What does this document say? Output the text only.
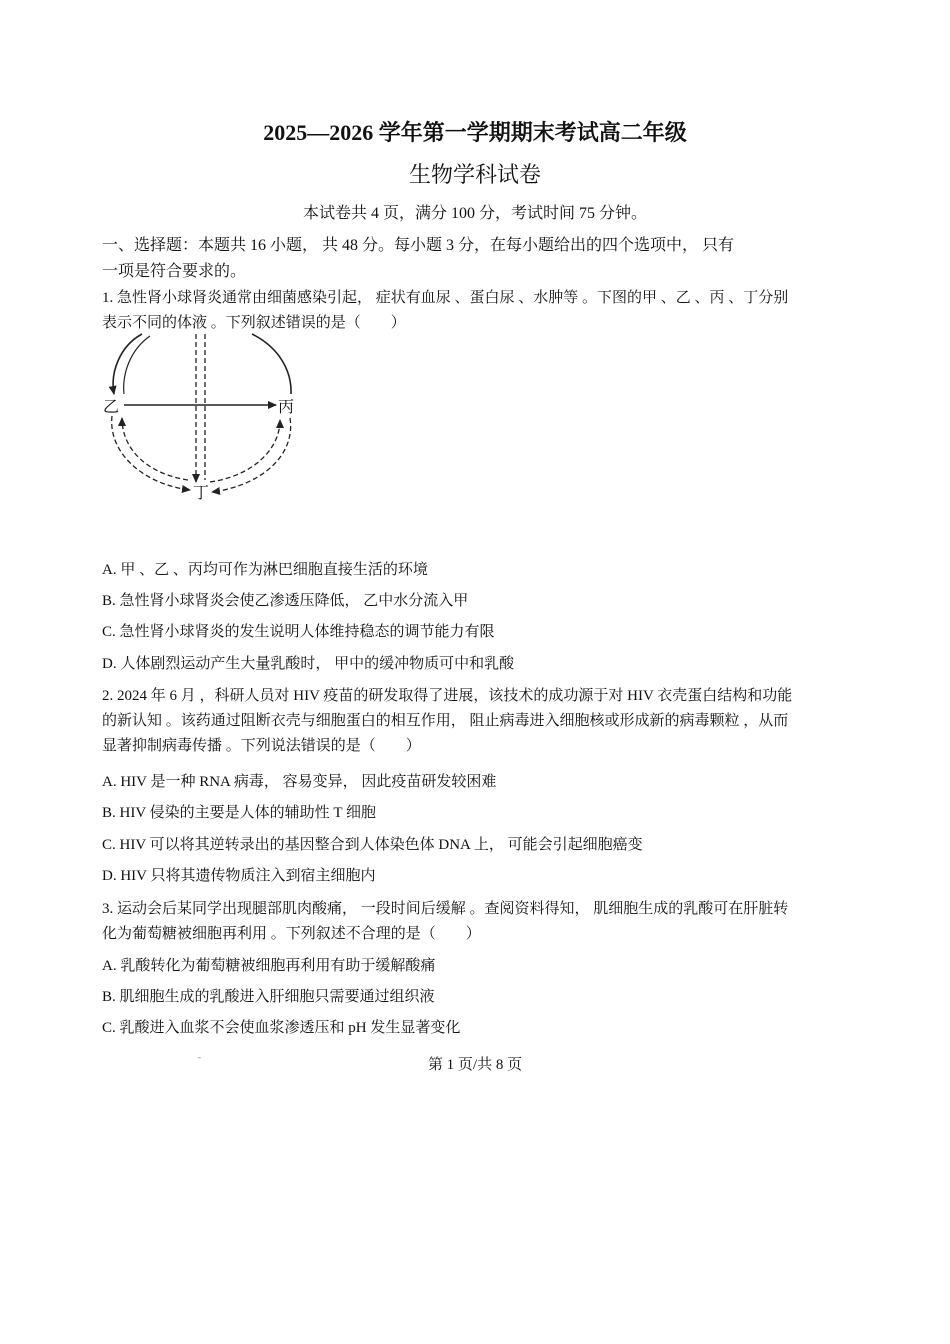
2025—2026 学年第一学期期末考试高二年级
生物学科试卷
本试卷共 4 页，满分 100 分，考试时间 75 分钟。
一、选择题：本题共 16 小题， 共 48 分。每小题 3 分，在每小题给出的四个选项中， 只有
一项是符合要求的。
1. 急性肾小球肾炎通常由细菌感染引起， 症状有血尿 、蛋白尿 、水肿等 。下图的甲 、乙 、丙 、丁分别
表示不同的体液 。下列叙述错误的是（　　）
乙	丙
丁
A. 甲 、乙 、丙均可作为淋巴细胞直接生活的环境
B. 急性肾小球肾炎会使乙渗透压降低， 乙中水分流入甲
C. 急性肾小球肾炎的发生说明人体维持稳态的调节能力有限
D. 人体剧烈运动产生大量乳酸时， 甲中的缓冲物质可中和乳酸
2. 2024 年 6 月 ，科研人员对 HIV 疫苗的研发取得了进展，该技术的成功源于对 HIV 衣壳蛋白结构和功能
的新认知 。该药通过阻断衣壳与细胞蛋白的相互作用， 阻止病毒进入细胞核或形成新的病毒颗粒 ，从而
显著抑制病毒传播 。下列说法错误的是（　　）
A. HIV 是一种 RNA 病毒， 容易变异， 因此疫苗研发较困难
B. HIV 侵染的主要是人体的辅助性 T 细胞
C. HIV 可以将其逆转录出的基因整合到人体染色体 DNA 上， 可能会引起细胞癌变
D. HIV 只将其遗传物质注入到宿主细胞内
3. 运动会后某同学出现腿部肌肉酸痛， 一段时间后缓解 。查阅资料得知， 肌细胞生成的乳酸可在肝脏转
化为葡萄糖被细胞再利用 。下列叙述不合理的是（　　）
A. 乳酸转化为葡萄糖被细胞再利用有助于缓解酸痛
B. 肌细胞生成的乳酸进入肝细胞只需要通过组织液
C. 乳酸进入血浆不会使血浆渗透压和 pH 发生显著变化
-	第 1 页/共 8 页
